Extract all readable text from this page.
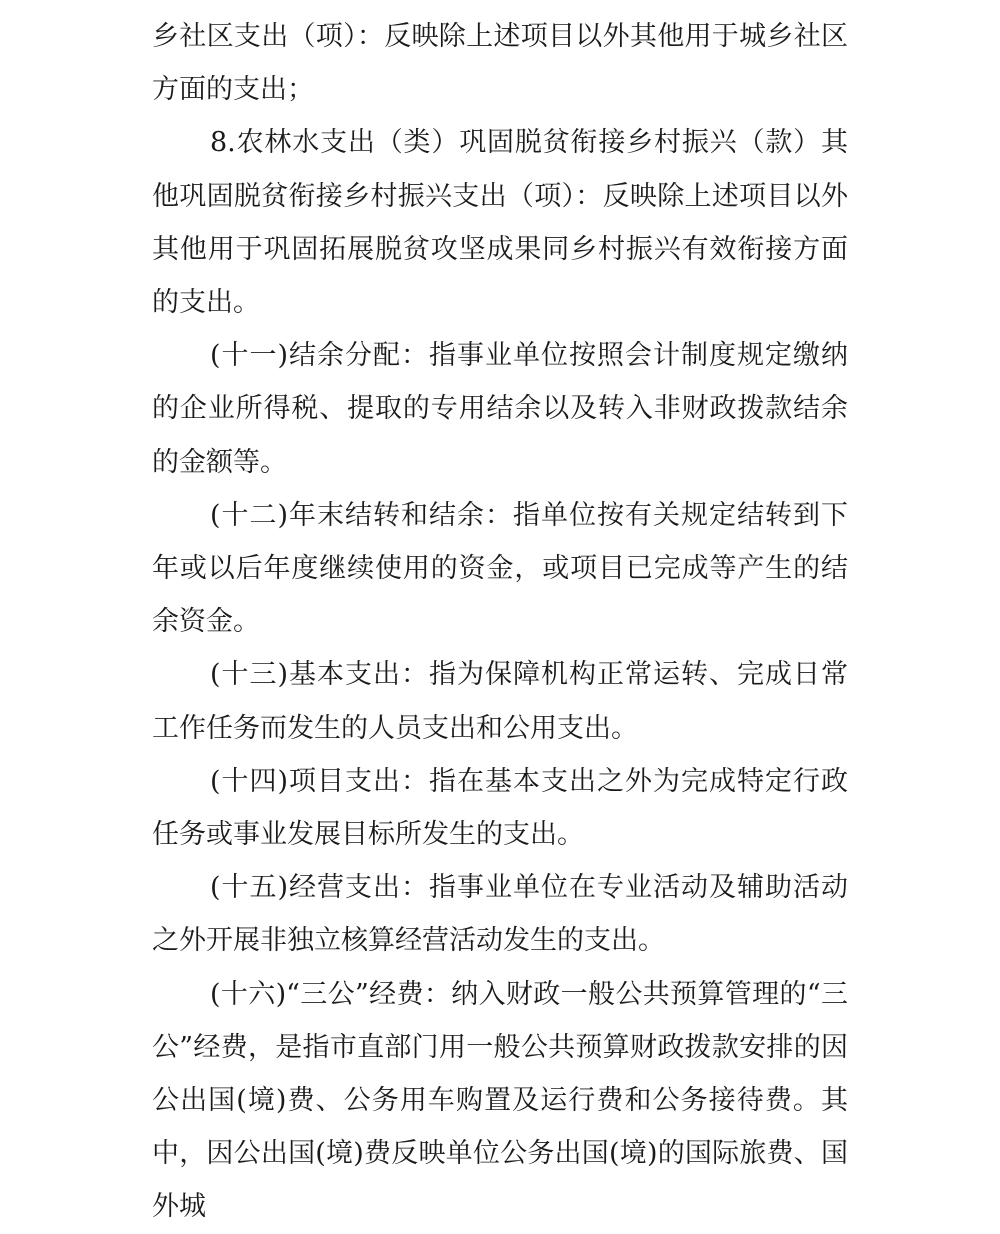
乡社区支出（项）：反映除上述项目以外其他用于城乡社区方面的支出；

8.农林水支出（类）巩固脱贫衔接乡村振兴（款）其他巩固脱贫衔接乡村振兴支出（项）：反映除上述项目以外其他用于巩固拓展脱贫攻坚成果同乡村振兴有效衔接方面的支出。

(十一)结余分配：指事业单位按照会计制度规定缴纳的企业所得税、提取的专用结余以及转入非财政拨款结余的金额等。

(十二)年末结转和结余：指单位按有关规定结转到下年或以后年度继续使用的资金，或项目已完成等产生的结余资金。

(十三)基本支出：指为保障机构正常运转、完成日常工作任务而发生的人员支出和公用支出。

(十四)项目支出：指在基本支出之外为完成特定行政任务或事业发展目标所发生的支出。

(十五)经营支出：指事业单位在专业活动及辅助活动之外开展非独立核算经营活动发生的支出。

(十六)“三公”经费：纳入财政一般公共预算管理的“三公”经费，是指市直部门用一般公共预算财政拨款安排的因公出国(境)费、公务用车购置及运行费和公务接待费。其中，因公出国(境)费反映单位公务出国(境)的国际旅费、国外城
